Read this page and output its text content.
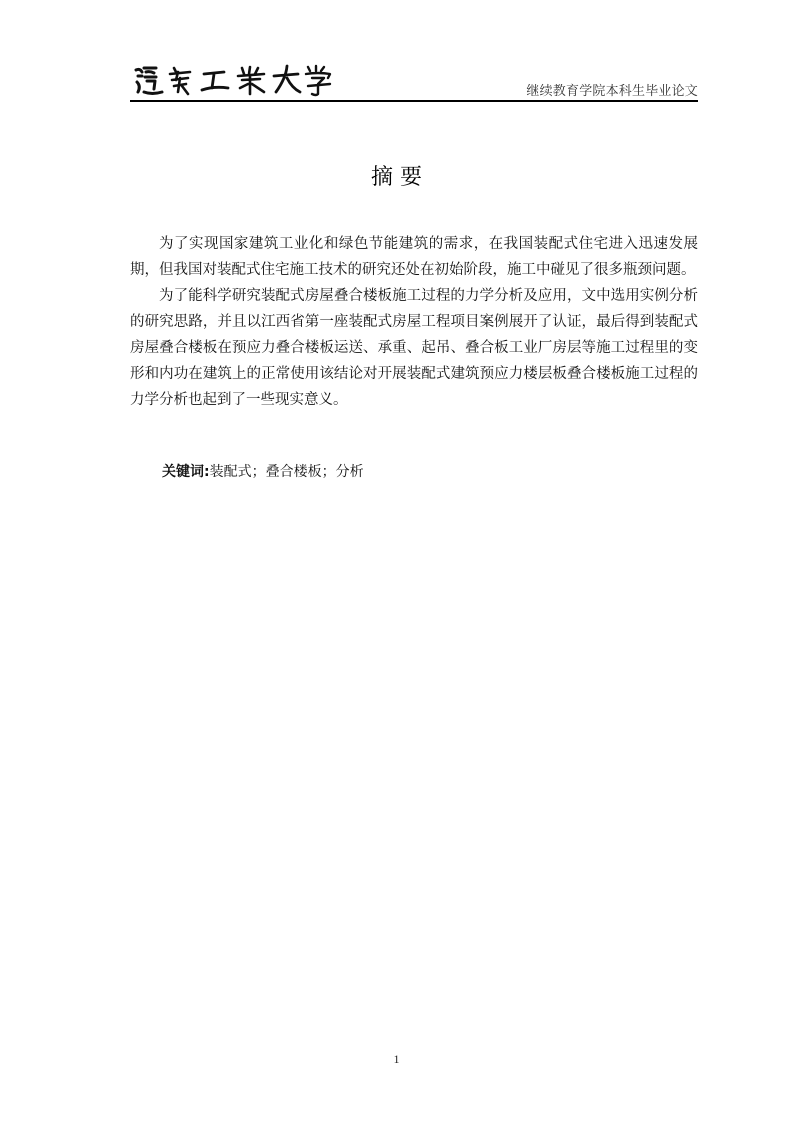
继续教育学院本科生毕业论文
摘 要

为了实现国家建筑工业化和绿色节能建筑的需求，在我国装配式住宅进入迅速发展期，但我国对装配式住宅施工技术的研究还处在初始阶段，施工中碰见了很多瓶颈问题。

为了能科学研究装配式房屋叠合楼板施工过程的力学分析及应用，文中选用实例分析的研究思路，并且以江西省第一座装配式房屋工程项目案例展开了认证，最后得到装配式房屋叠合楼板在预应力叠合楼板运送、承重、起吊、叠合板工业厂房层等施工过程里的变形和内功在建筑上的正常使用该结论对开展装配式建筑预应力楼层板叠合楼板施工过程的力学分析也起到了一些现实意义。

关键词:装配式；叠合楼板；分析
1
